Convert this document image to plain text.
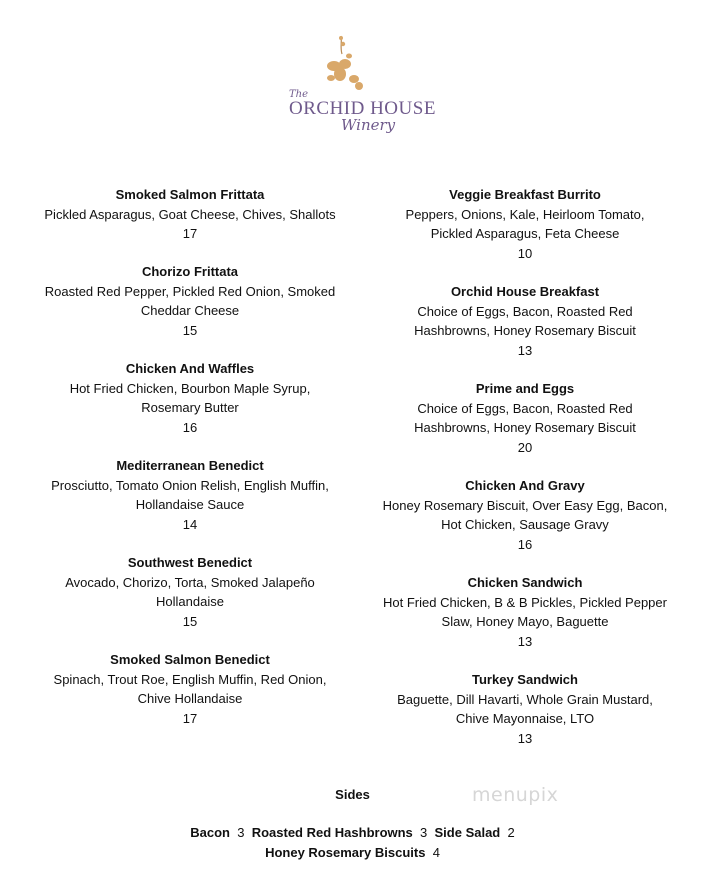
The
ORCHID HOUSE
Winery
Smoked Salmon Frittata
Pickled Asparagus, Goat Cheese, Chives, Shallots
17
Chorizo Frittata
Roasted Red Pepper, Pickled Red Onion, Smoked
Cheddar Cheese
15
Chicken And Waffles
Hot Fried Chicken, Bourbon Maple Syrup,
Rosemary Butter
16
Mediterranean Benedict
Prosciutto, Tomato Onion Relish, English Muffin,
Hollandaise Sauce
14
Southwest Benedict
Avocado, Chorizo, Torta, Smoked Jalapeño
Hollandaise
15
Smoked Salmon Benedict
Spinach, Trout Roe, English Muffin, Red Onion,
Chive Hollandaise
17
Veggie Breakfast Burrito
Peppers, Onions, Kale, Heirloom Tomato,
Pickled Asparagus, Feta Cheese
10
Orchid House Breakfast
Choice of Eggs, Bacon, Roasted Red
Hashbrowns, Honey Rosemary Biscuit
13
Prime and Eggs
Choice of Eggs, Bacon, Roasted Red
Hashbrowns, Honey Rosemary Biscuit
20
Chicken And Gravy
Honey Rosemary Biscuit, Over Easy Egg, Bacon,
Hot Chicken, Sausage Gravy
16
Chicken Sandwich
Hot Fried Chicken, B & B Pickles, Pickled Pepper
Slaw, Honey Mayo, Baguette
13
Turkey Sandwich
Baguette, Dill Havarti, Whole Grain Mustard,
Chive Mayonnaise, LTO
13
menupix
Sides
Bacon 3 Roasted Red Hashbrowns 3 Side Salad 2
Honey Rosemary Biscuits 4
